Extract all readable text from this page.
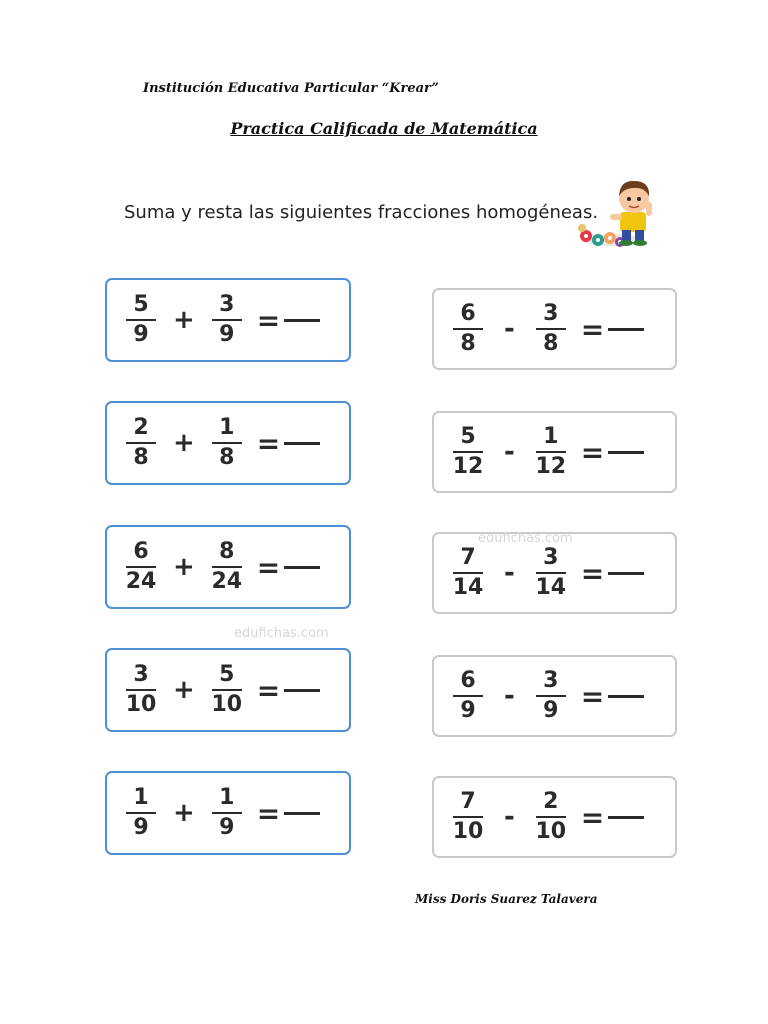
Institución Educativa Particular “Krear”
Practica Calificada de Matemática
Suma y resta las siguientes fracciones homogéneas.
$\frac{5}{9} + \frac{3}{9}$ =
$\frac{2}{8} + \frac{1}{8}$ =
$\frac{6}{24} + \frac{8}{24}$ =
$\frac{3}{10} + \frac{5}{10}$ =
$\frac{1}{9} + \frac{1}{9}$ =
$\frac{6}{8} - \frac{3}{8}$ =
$\frac{5}{12} - \frac{1}{12}$ =
$\frac{7}{14} - \frac{3}{14}$ =
$\frac{6}{9} - \frac{3}{9}$ =
$\frac{7}{10} - \frac{2}{10}$ =
edufichas.com
edufichas.com
Miss Doris Suarez Talavera
